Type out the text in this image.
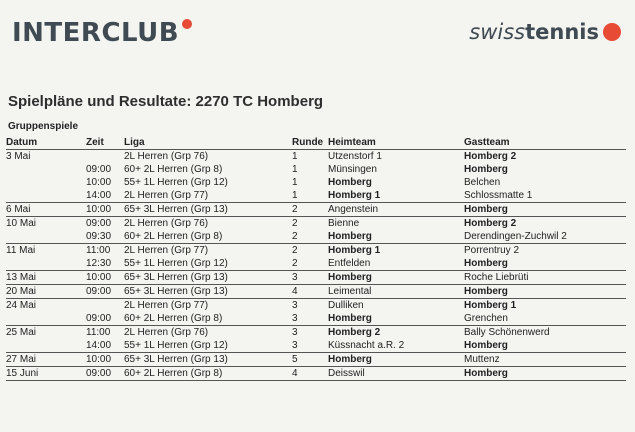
INTERCLUB	swisstennis
Spielpläne und Resultate: 2270 TC Homberg
Gruppenspiele
Datum	Zeit	Liga	Runde	Heimteam	Gastteam
3 Mai		2L Herren (Grp 76)	1	Utzenstorf 1	Homberg 2
	09:00	60+ 2L Herren (Grp 8)	1	Münsingen	Homberg
	10:00	55+ 1L Herren (Grp 12)	1	Homberg	Belchen
	14:00	2L Herren (Grp 77)	1	Homberg 1	Schlossmatte 1
6 Mai	10:00	65+ 3L Herren (Grp 13)	2	Angenstein	Homberg
10 Mai	09:00	2L Herren (Grp 76)	2	Bienne	Homberg 2
	09:30	60+ 2L Herren (Grp 8)	2	Homberg	Derendingen-Zuchwil 2
11 Mai	11:00	2L Herren (Grp 77)	2	Homberg 1	Porrentruy 2
	12:30	55+ 1L Herren (Grp 12)	2	Entfelden	Homberg
13 Mai	10:00	65+ 3L Herren (Grp 13)	3	Homberg	Roche Liebrüti
20 Mai	09:00	65+ 3L Herren (Grp 13)	4	Leimental	Homberg
24 Mai		2L Herren (Grp 77)	3	Dulliken	Homberg 1
	09:00	60+ 2L Herren (Grp 8)	3	Homberg	Grenchen
25 Mai	11:00	2L Herren (Grp 76)	3	Homberg 2	Bally Schönenwerd
	14:00	55+ 1L Herren (Grp 12)	3	Küssnacht a.R. 2	Homberg
27 Mai	10:00	65+ 3L Herren (Grp 13)	5	Homberg	Muttenz
15 Juni	09:00	60+ 2L Herren (Grp 8)	4	Deisswil	Homberg
